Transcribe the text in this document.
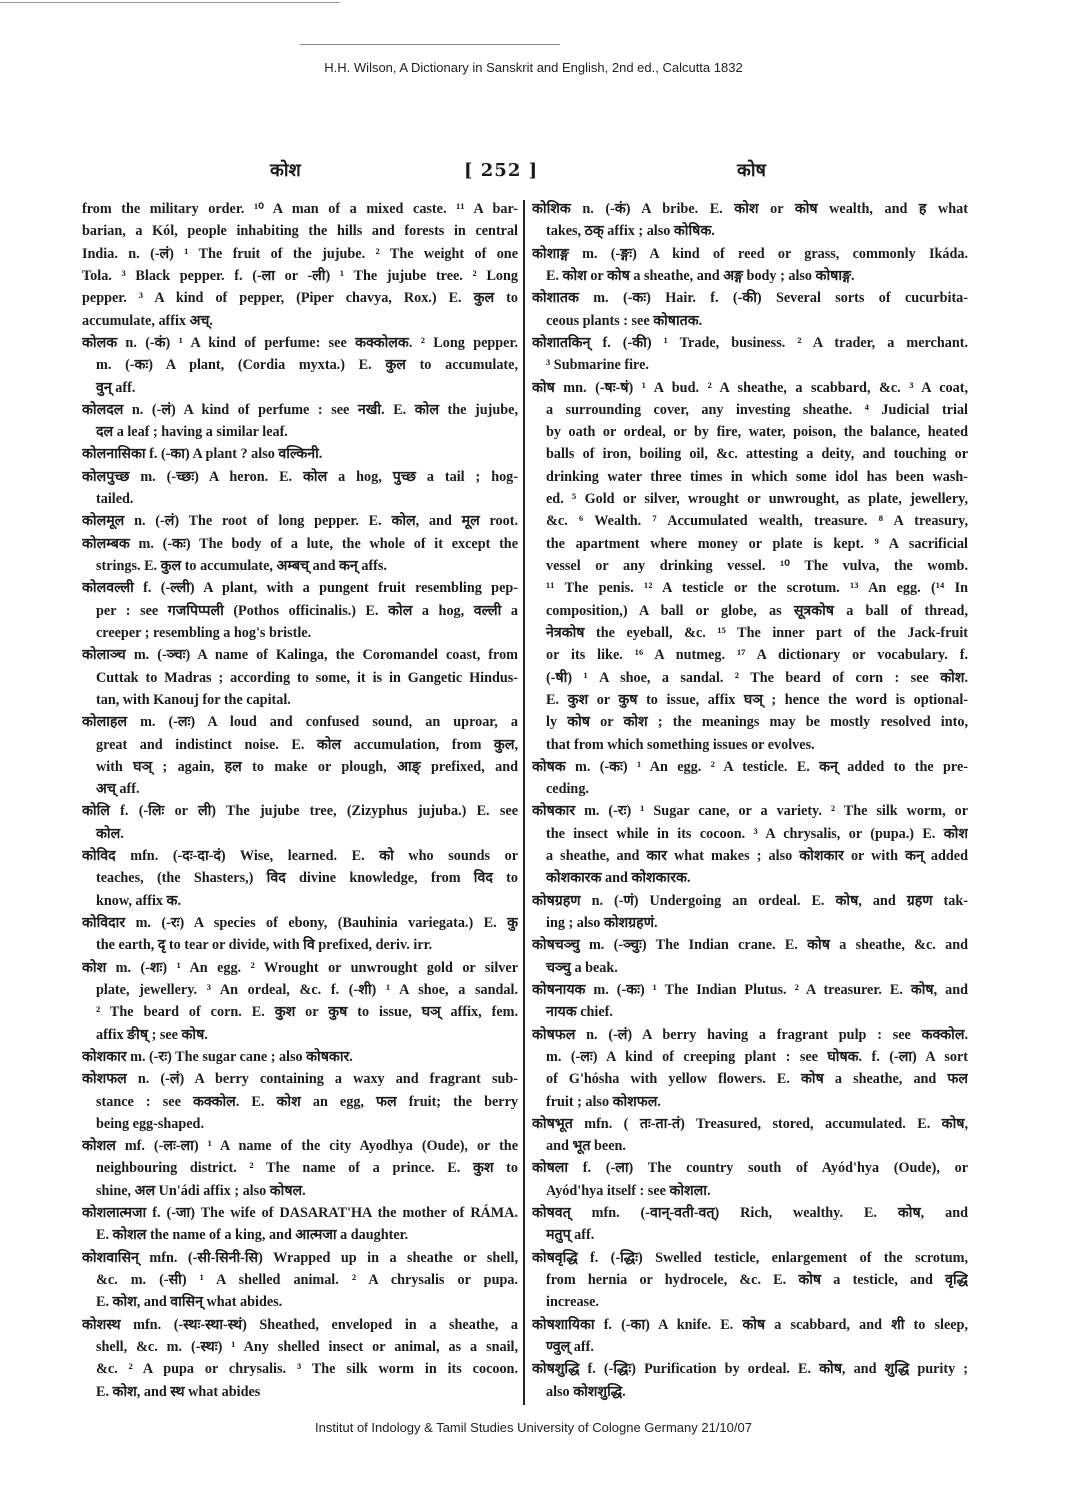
H.H. Wilson, A Dictionary in Sanskrit and English, 2nd ed., Calcutta 1832
कोश	[ 252 ]	कोष
from the military order. ¹⁰ A man of a mixed caste. ¹¹ A bar-
barian, a Kól, people inhabiting the hills and forests in central
India. n. (-लं) ¹ The fruit of the jujube. ² The weight of one
Tola. ³ Black pepper. f. (-ला or -ली) ¹ The jujube tree. ² Long
pepper. ³ A kind of pepper, (Piper chavya, Rox.) E. कुल to
accumulate, affix अच्.
कोलक n. (-कं) ¹ A kind of perfume: see कक्कोलक. ² Long pepper.
m. (-कः) A plant, (Cordia myxta.) E. कुल to accumulate,
वुन् aff.
कोलदल n. (-लं) A kind of perfume : see नखी. E. कोल the jujube,
दल a leaf ; having a similar leaf.
कोलनासिका f. (-का) A plant ? also वल्किनी.
कोलपुच्छ m. (-च्छः) A heron. E. कोल a hog, पुच्छ a tail ; hog-
tailed.
कोलमूल n. (-लं) The root of long pepper. E. कोल, and मूल root.
कोलम्बक m. (-कः) The body of a lute, the whole of it except the
strings. E. कुल to accumulate, अम्बच् and कन् affs.
कोलवल्ली f. (-ल्ली) A plant, with a pungent fruit resembling pep-
per : see गजपिप्पली (Pothos officinalis.) E. कोल a hog, वल्ली a
creeper ; resembling a hog's bristle.
कोलाञ्च m. (-ञ्चः) A name of Kalinga, the Coromandel coast, from
Cuttak to Madras ; according to some, it is in Gangetic Hindus-
tan, with Kanouj for the capital.
कोलाहल m. (-लः) A loud and confused sound, an uproar, a
great and indistinct noise. E. कोल accumulation, from कुल,
with घञ् ; again, हल to make or plough, आङ् prefixed, and
अच् aff.
कोलि f. (-लिः or ली) The jujube tree, (Zizyphus jujuba.) E. see
कोल.
कोविद mfn. (-दः-दा-दं) Wise, learned. E. को who sounds or
teaches, (the Shasters,) विद divine knowledge, from विद to
know, affix क.
कोविदार m. (-रः) A species of ebony, (Bauhinia variegata.) E. कु
the earth, दृ to tear or divide, with वि prefixed, deriv. irr.
कोश m. (-शः) ¹ An egg. ² Wrought or unwrought gold or silver
plate, jewellery. ³ An ordeal, &c. f. (-शी) ¹ A shoe, a sandal.
² The beard of corn. E. कुश or कुष to issue, घञ् affix, fem.
affix ङीष् ; see कोष.
कोशकार m. (-रः) The sugar cane ; also कोषकार.
कोशफल n. (-लं) A berry containing a waxy and fragrant sub-
stance : see कक्कोल. E. कोश an egg, फल fruit; the berry
being egg-shaped.
कोशल mf. (-लः-ला) ¹ A name of the city Ayodhya (Oude), or the
neighbouring district. ² The name of a prince. E. कुश to
shine, अल Un'ádi affix ; also कोषल.
कोशलात्मजा f. (-जा) The wife of DASARAT'HA the mother of RÁMA.
E. कोशल the name of a king, and आत्मजा a daughter.
कोशवासिन् mfn. (-सी-सिनी-सि) Wrapped up in a sheathe or shell,
&c. m. (-सी) ¹ A shelled animal. ² A chrysalis or pupa.
E. कोश, and वासिन् what abides.
कोशस्थ mfn. (-स्थः-स्था-स्थं) Sheathed, enveloped in a sheathe, a
shell, &c. m. (-स्थः) ¹ Any shelled insect or animal, as a snail,
&c. ² A pupa or chrysalis. ³ The silk worm in its cocoon.
E. कोश, and स्थ what abides
कोशिक n. (-कं) A bribe. E. कोश or कोष wealth, and ह what
takes, ठक् affix ; also कोषिक.
कोशाङ्ग m. (-ङ्गः) A kind of reed or grass, commonly Ikáda.
E. कोश or कोष a sheathe, and अङ्ग body ; also कोषाङ्ग.
कोशातक m. (-कः) Hair. f. (-की) Several sorts of cucurbita-
ceous plants : see कोषातक.
कोशातकिन् f. (-की) ¹ Trade, business. ² A trader, a merchant.
³ Submarine fire.
कोष mn. (-षः-षं) ¹ A bud. ² A sheathe, a scabbard, &c. ³ A coat,
a surrounding cover, any investing sheathe. ⁴ Judicial trial
by oath or ordeal, or by fire, water, poison, the balance, heated
balls of iron, boiling oil, &c. attesting a deity, and touching or
drinking water three times in which some idol has been wash-
ed. ⁵ Gold or silver, wrought or unwrought, as plate, jewellery,
&c. ⁶ Wealth. ⁷ Accumulated wealth, treasure. ⁸ A treasury,
the apartment where money or plate is kept. ⁹ A sacrificial
vessel or any drinking vessel. ¹⁰ The vulva, the womb.
¹¹ The penis. ¹² A testicle or the scrotum. ¹³ An egg. (¹⁴ In
composition,) A ball or globe, as सूत्रकोष a ball of thread,
नेत्रकोष the eyeball, &c. ¹⁵ The inner part of the Jack-fruit
or its like. ¹⁶ A nutmeg. ¹⁷ A dictionary or vocabulary. f.
(-षी) ¹ A shoe, a sandal. ² The beard of corn : see कोश.
E. कुश or कुष to issue, affix घञ् ; hence the word is optional-
ly कोष or कोश ; the meanings may be mostly resolved into,
that from which something issues or evolves.
कोषक m. (-कः) ¹ An egg. ² A testicle. E. कन् added to the pre-
ceding.
कोषकार m. (-रः) ¹ Sugar cane, or a variety. ² The silk worm, or
the insect while in its cocoon. ³ A chrysalis, or (pupa.) E. कोश
a sheathe, and कार what makes ; also कोशकार or with कन् added
कोशकारक and कोशकारक.
कोषग्रहण n. (-णं) Undergoing an ordeal. E. कोष, and ग्रहण tak-
ing ; also कोशग्रहणं.
कोषचञ्चु m. (-ञ्चुः) The Indian crane. E. कोष a sheathe, &c. and
चञ्चु a beak.
कोषनायक m. (-कः) ¹ The Indian Plutus. ² A treasurer. E. कोष, and
नायक chief.
कोषफल n. (-लं) A berry having a fragrant pulp : see कक्कोल.
m. (-लः) A kind of creeping plant : see घोषक. f. (-ला) A sort
of G'hósha with yellow flowers. E. कोष a sheathe, and फल
fruit ; also कोशफल.
कोषभूत mfn. ( तः-ता-तं) Treasured, stored, accumulated. E. कोष,
and भूत been.
कोषला f. (-ला) The country south of Ayód'hya (Oude), or
Ayód'hya itself : see कोशला.
कोषवत् mfn. (-वान्-वती-वत्) Rich, wealthy. E. कोष, and
मतुप् aff.
कोषवृद्धि f. (-द्धिः) Swelled testicle, enlargement of the scrotum,
from hernia or hydrocele, &c. E. कोष a testicle, and वृद्धि
increase.
कोषशायिका f. (-का) A knife. E. कोष a scabbard, and शी to sleep,
ण्वुल् aff.
कोषशुद्धि f. (-द्धिः) Purification by ordeal. E. कोष, and शुद्धि purity ;
also कोशशुद्धि.
Institut of Indology & Tamil Studies University of Cologne Germany 21/10/07
